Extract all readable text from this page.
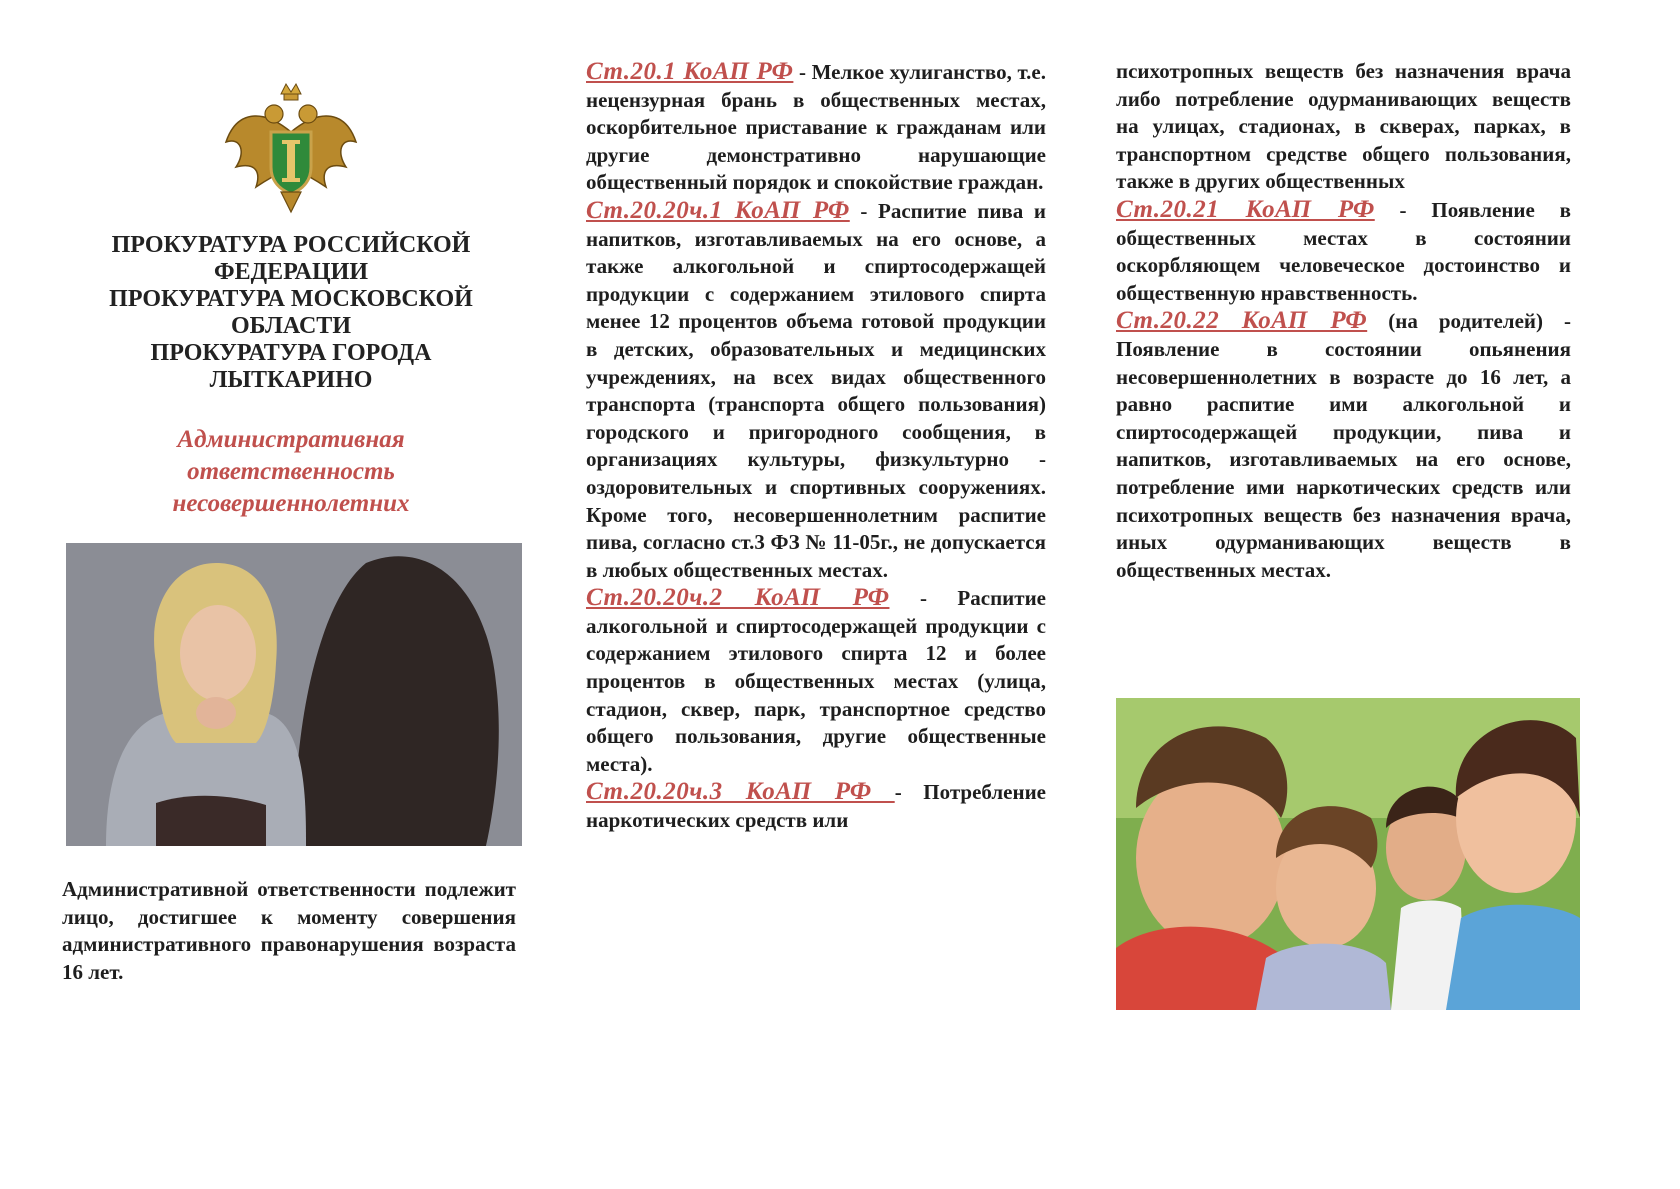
ПРОКУРАТУРА РОССИЙСКОЙ
ФЕДЕРАЦИИ
ПРОКУРАТУРА МОСКОВСКОЙ
ОБЛАСТИ
ПРОКУРАТУРА ГОРОДА
ЛЫТКАРИНО
Административная
ответственность
несовершеннолетних

Административной ответственности подлежит лицо, достигшее к моменту совершения административного правонарушения возраста 16 лет.

Ст.20.1 КоАП РФ - Мелкое хулиганство, т.е. нецензурная брань в общественных местах, оскорбительное приставание к гражданам или другие демонстративно нарушающие общественный порядок и спокойствие граждан.

Ст.20.20ч.1 КоАП РФ - Распитие пива и напитков, изготавливаемых на его основе, а также алкогольной и спиртосодержащей продукции с содержанием этилового спирта менее 12 процентов объема готовой продукции в детских, образовательных и медицинских учреждениях, на всех видах общественного транспорта (транспорта общего пользования) городского и пригородного сообщения, в организациях культуры, физкультурно - оздоровительных и спортивных сооружениях. Кроме того, несовершеннолетним распитие пива, согласно ст.3 ФЗ № 11-05г., не допускается в любых общественных местах.

Ст.20.20ч.2 КоАП РФ - Распитие алкогольной и спиртосодержащей продукции с содержанием этилового спирта 12 и более процентов в общественных местах (улица, стадион, сквер, парк, транспортное средство общего пользования, другие общественные места).

Ст.20.20ч.3 КоАП РФ - Потребление наркотических средств или

психотропных веществ без назначения врача либо потребление одурманивающих веществ на улицах, стадионах, в скверах, парках, в транспортном средстве общего пользования, также в других общественных

Ст.20.21 КоАП РФ - Появление в общественных местах в состоянии оскорбляющем человеческое достоинство и общественную нравственность.

Ст.20.22 КоАП РФ (на родителей) - Появление в состоянии опьянения несовершеннолетних в возрасте до 16 лет, а равно распитие ими алкогольной и спиртосодержащей продукции, пива и напитков, изготавливаемых на его основе, потребление ими наркотических средств или психотропных веществ без назначения врача, иных одурманивающих веществ в общественных местах.
